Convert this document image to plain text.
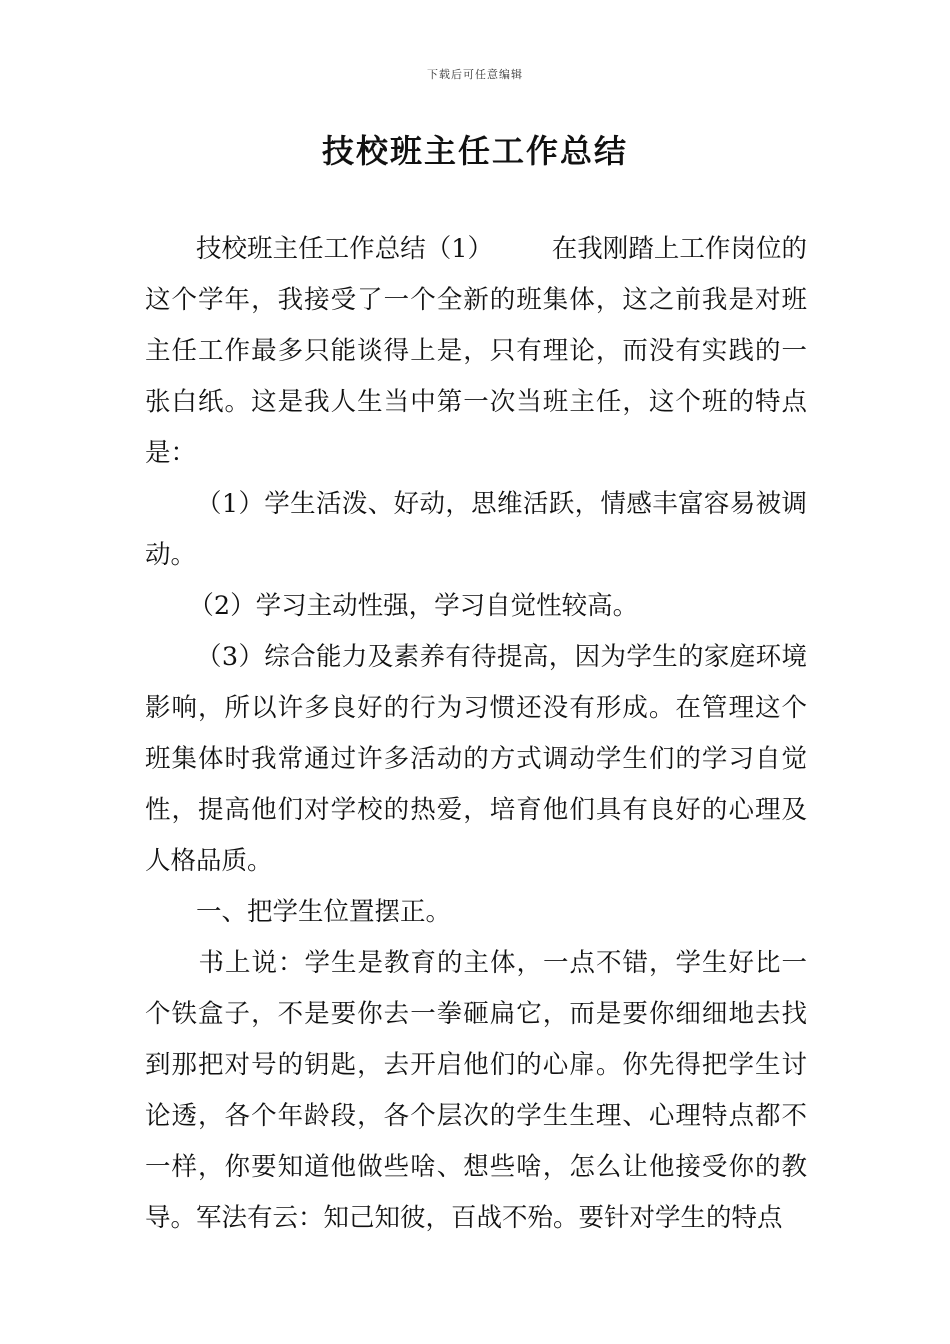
下载后可任意编辑
技校班主任工作总结

技校班主任工作总结（1） 在我刚踏上工作岗位的这个学年，我接受了一个全新的班集体，这之前我是对班主任工作最多只能谈得上是，只有理论，而没有实践的一张白纸。这是我人生当中第一次当班主任，这个班的特点是：

（1）学生活泼、好动，思维活跃，情感丰富容易被调动。

（2）学习主动性强，学习自觉性较高。

（3）综合能力及素养有待提高，因为学生的家庭环境影响，所以许多良好的行为习惯还没有形成。在管理这个班集体时我常通过许多活动的方式调动学生们的学习自觉性，提高他们对学校的热爱，培育他们具有良好的心理及人格品质。

一、把学生位置摆正。

书上说：学生是教育的主体，一点不错，学生好比一个铁盒子，不是要你去一拳砸扁它，而是要你细细地去找到那把对号的钥匙，去开启他们的心扉。你先得把学生讨论透，各个年龄段，各个层次的学生生理、心理特点都不一样，你要知道他做些啥、想些啥，怎么让他接受你的教导。军法有云：知己知彼，百战不殆。要针对学生的特点
